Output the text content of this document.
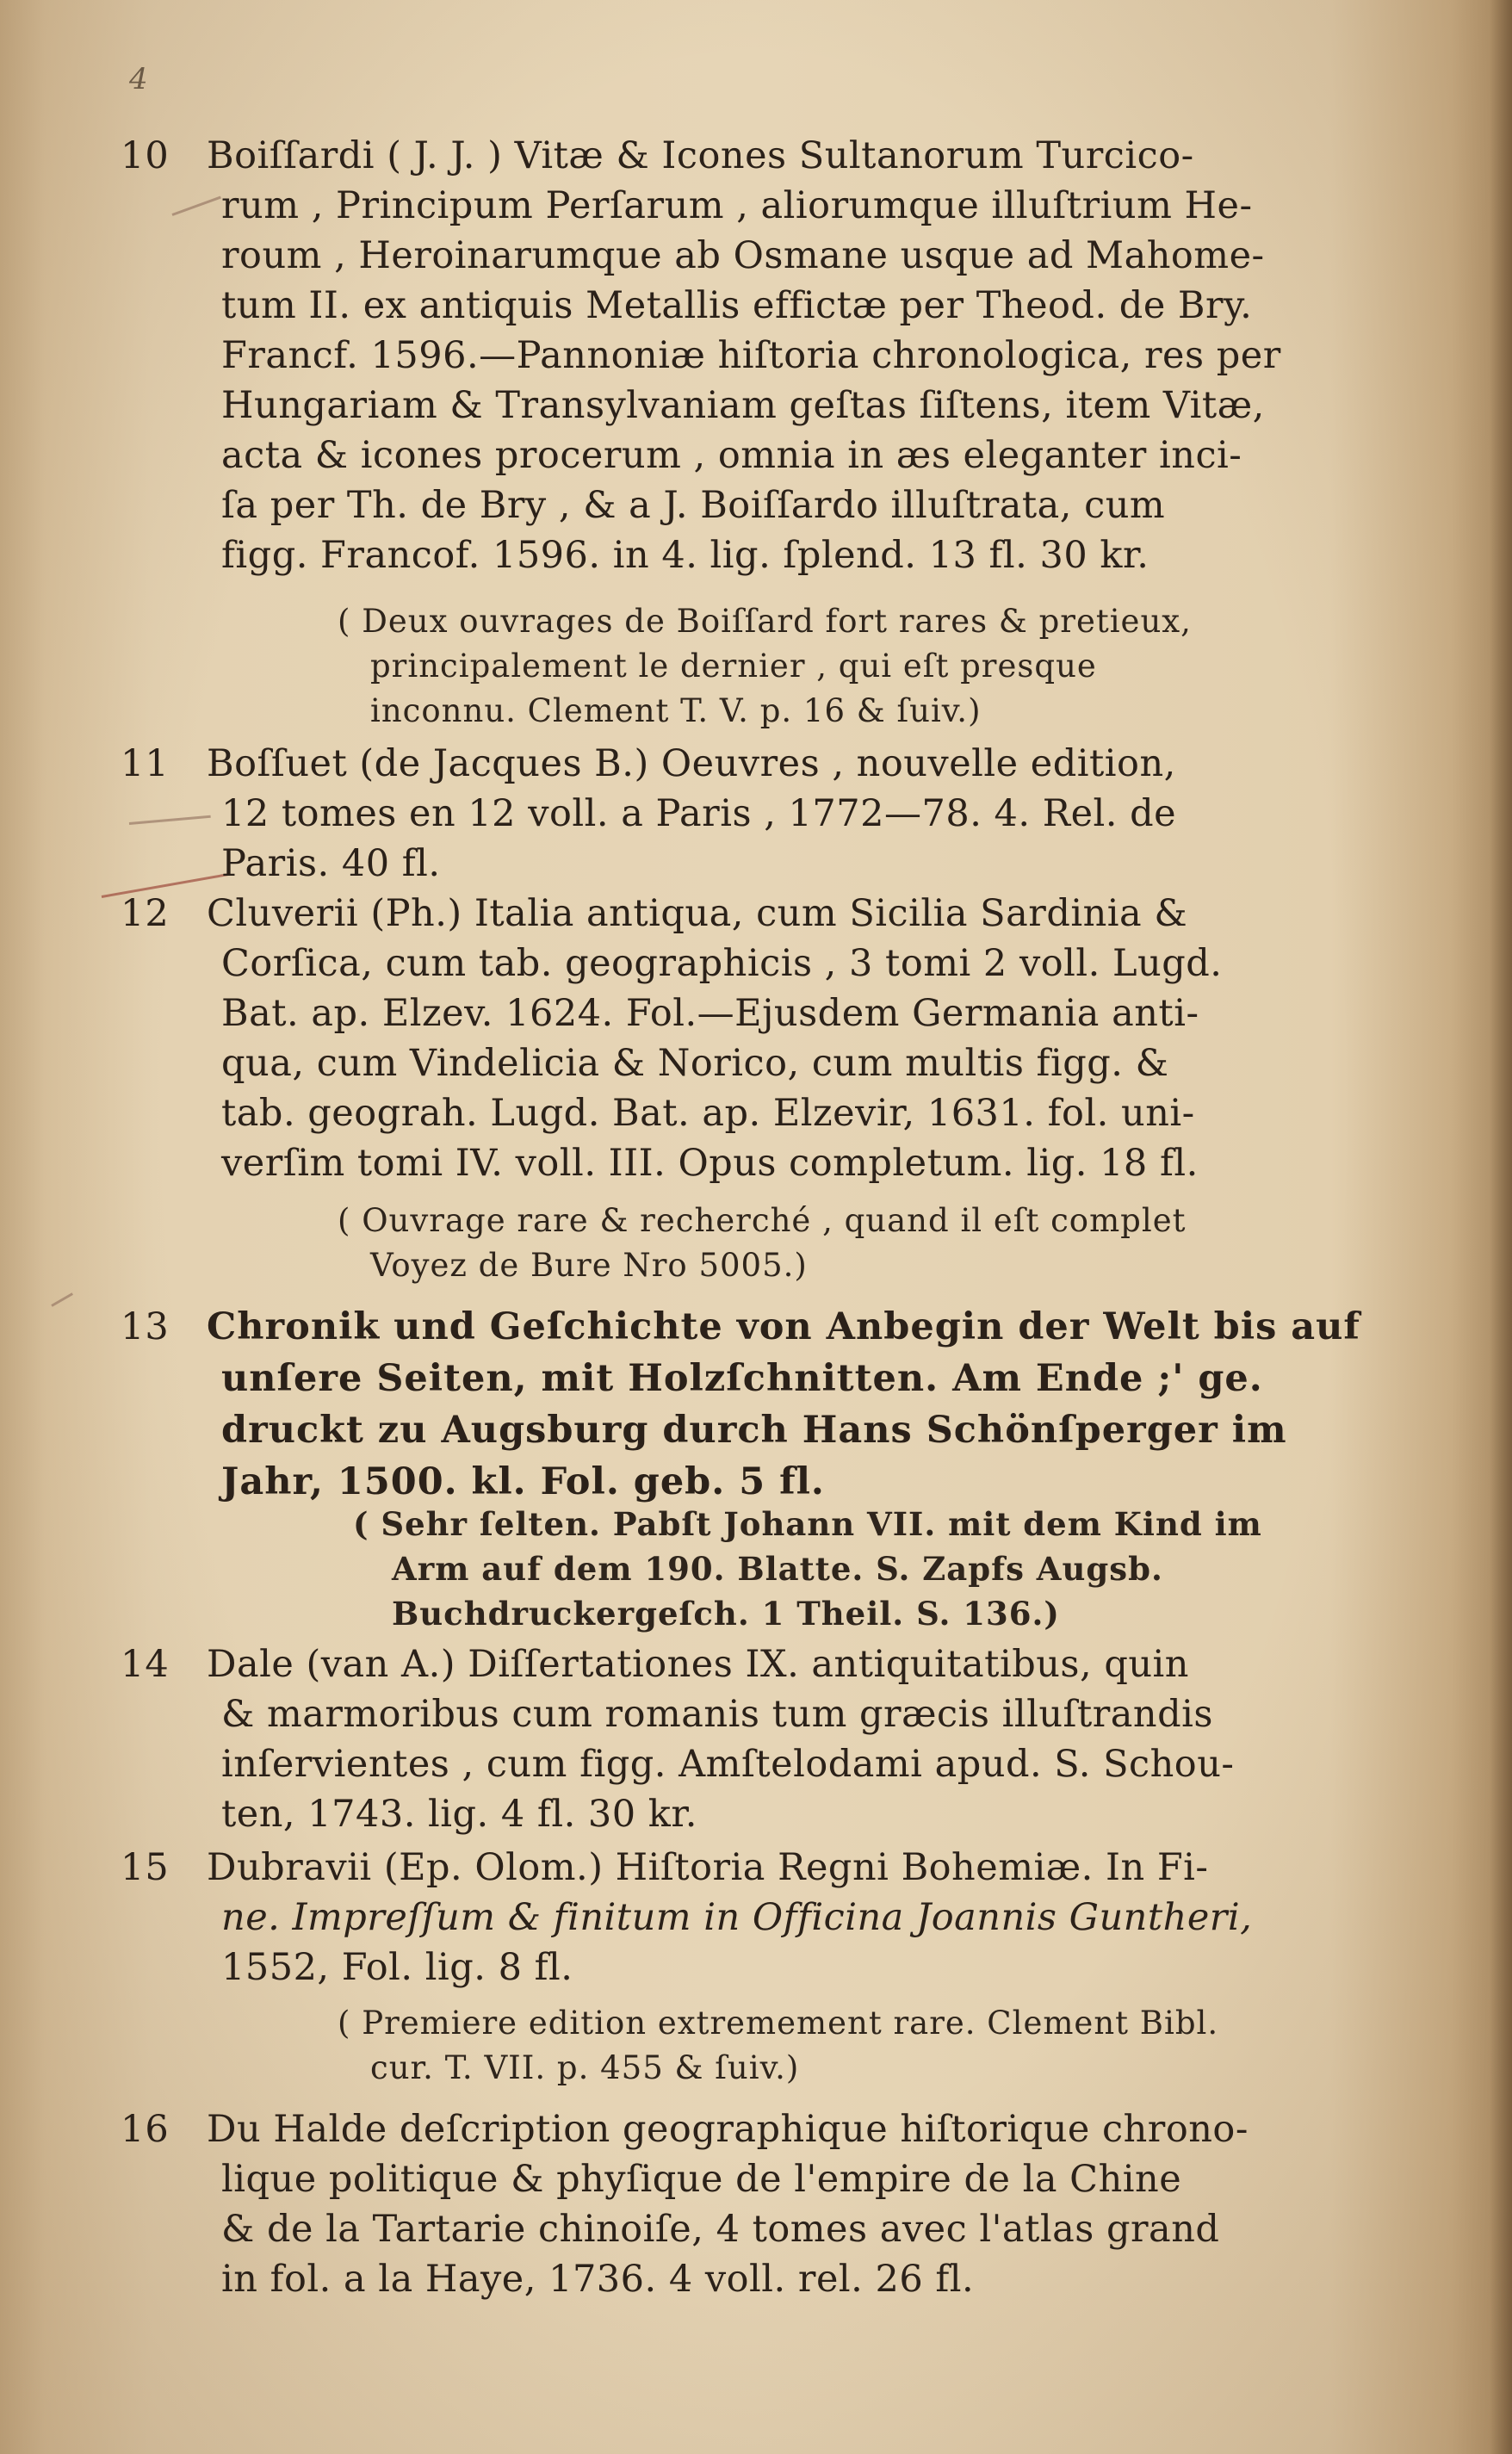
4
10	Boiſſardi ( J. J. ) Vitæ & Icones Sultanorum Turcico-
rum , Principum Perſarum , aliorumque illuſtrium He-
roum , Heroinarumque ab Osmane usque ad Mahome-
tum II. ex antiquis Metallis effictæ per Theod. de Bry.
Francf. 1596.—Pannoniæ hiſtoria chronologica, res per
Hungariam & Transylvaniam geſtas ſiſtens, item Vitæ,
acta & icones procerum , omnia in æs eleganter inci-
ſa per Th. de Bry , & a J. Boiſſardo illuſtrata, cum
figg. Francof. 1596. in 4. lig. ſplend. 13 fl. 30 kr.
( Deux ouvrages de Boiſſard fort rares & pretieux,
principalement le dernier , qui eſt presque
inconnu. Clement T. V. p. 16 & ſuiv.)
11	Boſſuet (de Jacques B.) Oeuvres , nouvelle edition,
12 tomes en 12 voll. a Paris , 1772—78. 4. Rel. de
Paris. 40 fl.
12	Cluverii (Ph.) Italia antiqua, cum Sicilia Sardinia &
Corſica, cum tab. geographicis , 3 tomi 2 voll. Lugd.
Bat. ap. Elzev. 1624. Fol.—Ejusdem Germania anti-
qua, cum Vindelicia & Norico, cum multis figg. &
tab. geograh. Lugd. Bat. ap. Elzevir, 1631. fol. uni-
verſim tomi IV. voll. III. Opus completum. lig. 18 fl.
( Ouvrage rare & recherché , quand il eſt complet
Voyez de Bure Nro 5005.)
13	Chronik und Geſchichte von Anbegin der Welt bis auf
unſere Seiten, mit Holzſchnitten. Am Ende ;' ge.
druckt zu Augsburg durch Hans Schönſperger im
Jahr, 1500. kl. Fol. geb. 5 fl.
( Sehr ſelten. Pabſt Johann VII. mit dem Kind im
Arm auf dem 190. Blatte. S. Zapfs Augsb.
Buchdruckergeſch. 1 Theil. S. 136.)
14	Dale (van A.) Diſſertationes IX. antiquitatibus, quin
& marmoribus cum romanis tum græcis illuſtrandis
inſervientes , cum figg. Amſtelodami apud. S. Schou-
ten, 1743. lig. 4 fl. 30 kr.
15	Dubravii (Ep. Olom.) Hiſtoria Regni Bohemiæ. In Fi-
ne. Impreſſum & finitum in Officina Joannis Guntheri,
1552, Fol. lig. 8 fl.
( Premiere edition extremement rare. Clement Bibl.
cur. T. VII. p. 455 & ſuiv.)
16	Du Halde deſcription geographique hiſtorique chrono-
lique politique & phyſique de l'empire de la Chine
& de la Tartarie chinoiſe, 4 tomes avec l'atlas grand
in fol. a la Haye, 1736. 4 voll. rel. 26 fl.
